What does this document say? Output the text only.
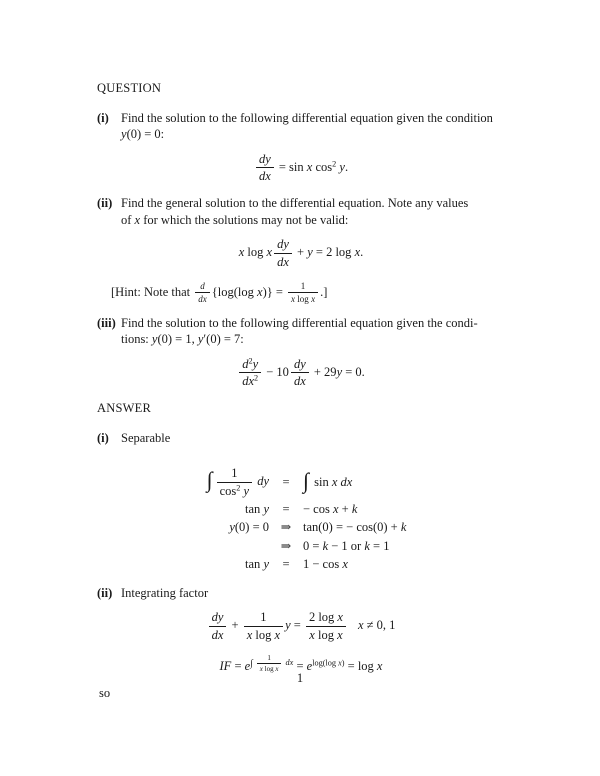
QUESTION
(i) Find the solution to the following differential equation given the condition
y(0) = 0:
$\frac{dy}{dx} = \sin x$ $\cos^2 y$.
(ii) Find the general solution to the differential equation. Note any values
of x for which the solutions may not be valid:
x log x $\frac{dy}{dx} + y = 2$ log x.
[Hint: Note that $\frac{d}{dx} \{\log(\log$ $x)\} = \frac{1}{\text{x log x}}$ .]
(iii) Find the solution to the following differential equation given the condi-
tions: y(0) = 1, y′(0) = 7:
$\frac{d^2y}{dx^2} - 10 \frac{dy}{dx} + 29y = 0$.
ANSWER
(i) Separable
∫ $\frac{1}{\cos^2 y}$ dy	= ∫ sin x dx
tan y	=	− cos x + k
y(0) = 0 ⇒ tan(0) = − cos(0) + k
⇒ 0 = k − 1 or k = 1
tan y	=	1 − cos x
(ii) Integrating factor
$\frac{dy}{dx} + \frac{1}{\text{x log x}}$ $y = \frac{\text{2 log x}}{\text{x log x}}$ x ≠ 0, 1
IF = $e^{\int \frac{1}{\text{x log x}} dx} = e^{log(log x)} = \log x$
so
1
